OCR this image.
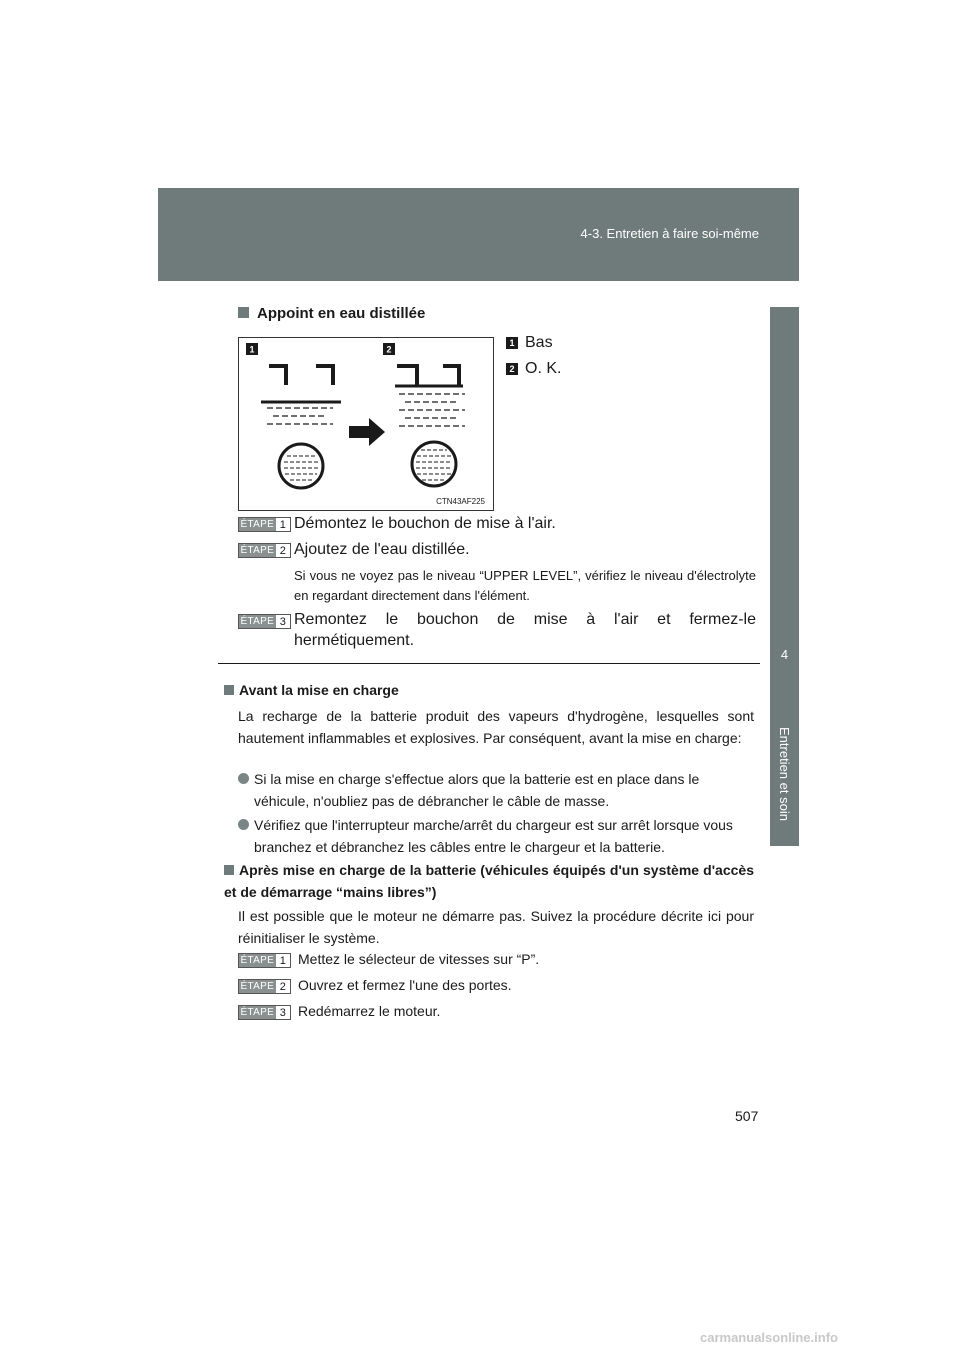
4-3. Entretien à faire soi-même
4
Entretien et soin
Appoint en eau distillée
1	2
CTN43AF225
1 Bas
2 O. K.
ÉTAPE 1 Démontez le bouchon de mise à l'air.
ÉTAPE 2 Ajoutez de l'eau distillée.
Si vous ne voyez pas le niveau “UPPER LEVEL”, vérifiez le niveau d'électrolyte en regardant directement dans l'élément.
ÉTAPE 3 Remontez le bouchon de mise à l'air et fermez-le
hermétiquement.
Avant la mise en charge
La recharge de la batterie produit des vapeurs d'hydrogène, lesquelles sont hautement inflammables et explosives. Par conséquent, avant la mise en charge:
Si la mise en charge s'effectue alors que la batterie est en place dans le véhicule, n'oubliez pas de débrancher le câble de masse.
Vérifiez que l'interrupteur marche/arrêt du chargeur est sur arrêt lorsque vous branchez et débranchez les câbles entre le chargeur et la batterie.
Après mise en charge de la batterie (véhicules équipés d'un système d'accès et de démarrage “mains libres”)
Il est possible que le moteur ne démarre pas. Suivez la procédure décrite ici pour réinitialiser le système.
ÉTAPE 1 Mettez le sélecteur de vitesses sur “P”.
ÉTAPE 2 Ouvrez et fermez l'une des portes.
ÉTAPE 3 Redémarrez le moteur.
507
carmanualsonline.info
